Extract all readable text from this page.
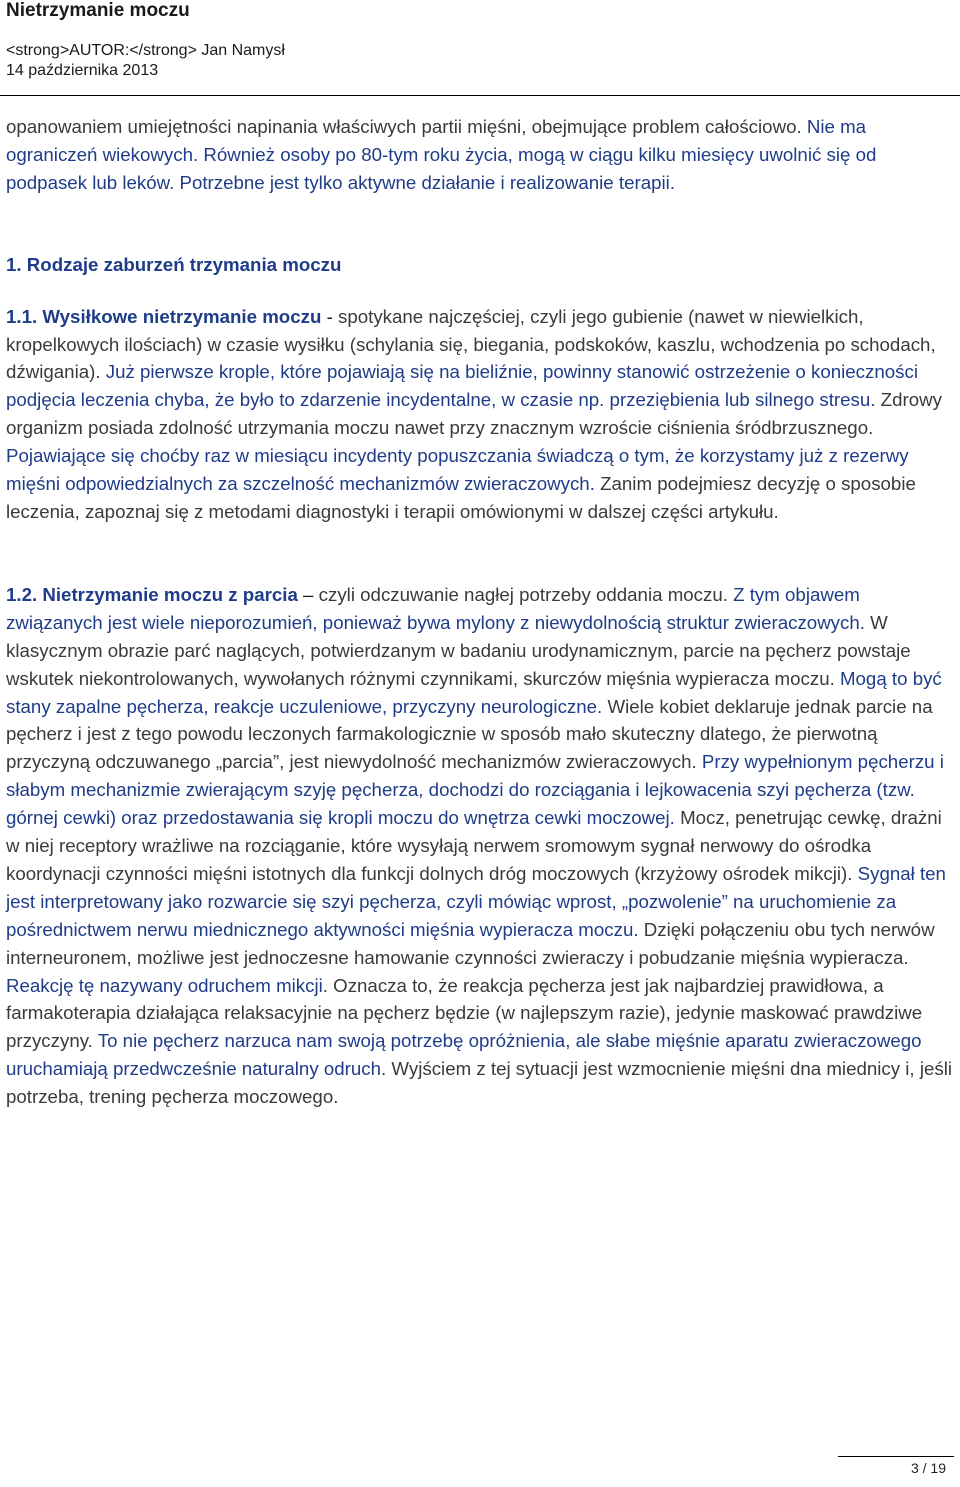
Nietrzymanie moczu
<strong>AUTOR:</strong> Jan Namysł
14 października 2013

opanowaniem umiejętności napinania właściwych partii mięśni, obejmujące problem całościowo. Nie ma ograniczeń wiekowych. Również osoby po 80-tym roku życia, mogą w ciągu kilku miesięcy uwolnić się od podpasek lub leków. Potrzebne jest tylko aktywne działanie i realizowanie terapii.

1. Rodzaje zaburzeń trzymania moczu

1.1. Wysiłkowe nietrzymanie moczu - spotykane najczęściej, czyli jego gubienie (nawet w niewielkich, kropelkowych ilościach) w czasie wysiłku (schylania się, biegania, podskoków, kaszlu, wchodzenia po schodach, dźwigania). Już pierwsze krople, które pojawiają się na bieliźnie, powinny stanowić ostrzeżenie o konieczności podjęcia leczenia chyba, że było to zdarzenie incydentalne, w czasie np. przeziębienia lub silnego stresu. Zdrowy organizm posiada zdolność utrzymania moczu nawet przy znacznym wzroście ciśnienia śródbrzusznego. Pojawiające się choćby raz w miesiącu incydenty popuszczania świadczą o tym, że korzystamy już z rezerwy mięśni odpowiedzialnych za szczelność mechanizmów zwieraczowych. Zanim podejmiesz decyzję o sposobie leczenia, zapoznaj się z metodami diagnostyki i terapii omówionymi w dalszej części artykułu.

1.2. Nietrzymanie moczu z parcia – czyli odczuwanie nagłej potrzeby oddania moczu. Z tym objawem związanych jest wiele nieporozumień, ponieważ bywa mylony z niewydolnością struktur zwieraczowych. W klasycznym obrazie parć naglących, potwierdzanym w badaniu urodynamicznym, parcie na pęcherz powstaje wskutek niekontrolowanych, wywołanych różnymi czynnikami, skurczów mięśnia wypieracza moczu. Mogą to być stany zapalne pęcherza, reakcje uczuleniowe, przyczyny neurologiczne. Wiele kobiet deklaruje jednak parcie na pęcherz i jest z tego powodu leczonych farmakologicznie w sposób mało skuteczny dlatego, że pierwotną przyczyną odczuwanego „parcia”, jest niewydolność mechanizmów zwieraczowych. Przy wypełnionym pęcherzu i słabym mechanizmie zwierającym szyję pęcherza, dochodzi do rozciągania i lejkowacenia szyi pęcherza (tzw. górnej cewki) oraz przedostawania się kropli moczu do wnętrza cewki moczowej. Mocz, penetrując cewkę, drażni w niej receptory wrażliwe na rozciąganie, które wysyłają nerwem sromowym sygnał nerwowy do ośrodka koordynacji czynności mięśni istotnych dla funkcji dolnych dróg moczowych (krzyżowy ośrodek mikcji). Sygnał ten jest interpretowany jako rozwarcie się szyi pęcherza, czyli mówiąc wprost, „pozwolenie” na uruchomienie za pośrednictwem nerwu miednicznego aktywności mięśnia wypieracza moczu. Dzięki połączeniu obu tych nerwów interneuronem, możliwe jest jednoczesne hamowanie czynności zwieraczy i pobudzanie mięśnia wypieracza. Reakcję tę nazywany odruchem mikcji. Oznacza to, że reakcja pęcherza jest jak najbardziej prawidłowa, a farmakoterapia działająca relaksacyjnie na pęcherz będzie (w najlepszym razie), jedynie maskować prawdziwe przyczyny. To nie pęcherz narzuca nam swoją potrzebę opróżnienia, ale słabe mięśnie aparatu zwieraczowego uruchamiają przedwcześnie naturalny odruch. Wyjściem z tej sytuacji jest wzmocnienie mięśni dna miednicy i, jeśli potrzeba, trening pęcherza moczowego.

3 / 19
